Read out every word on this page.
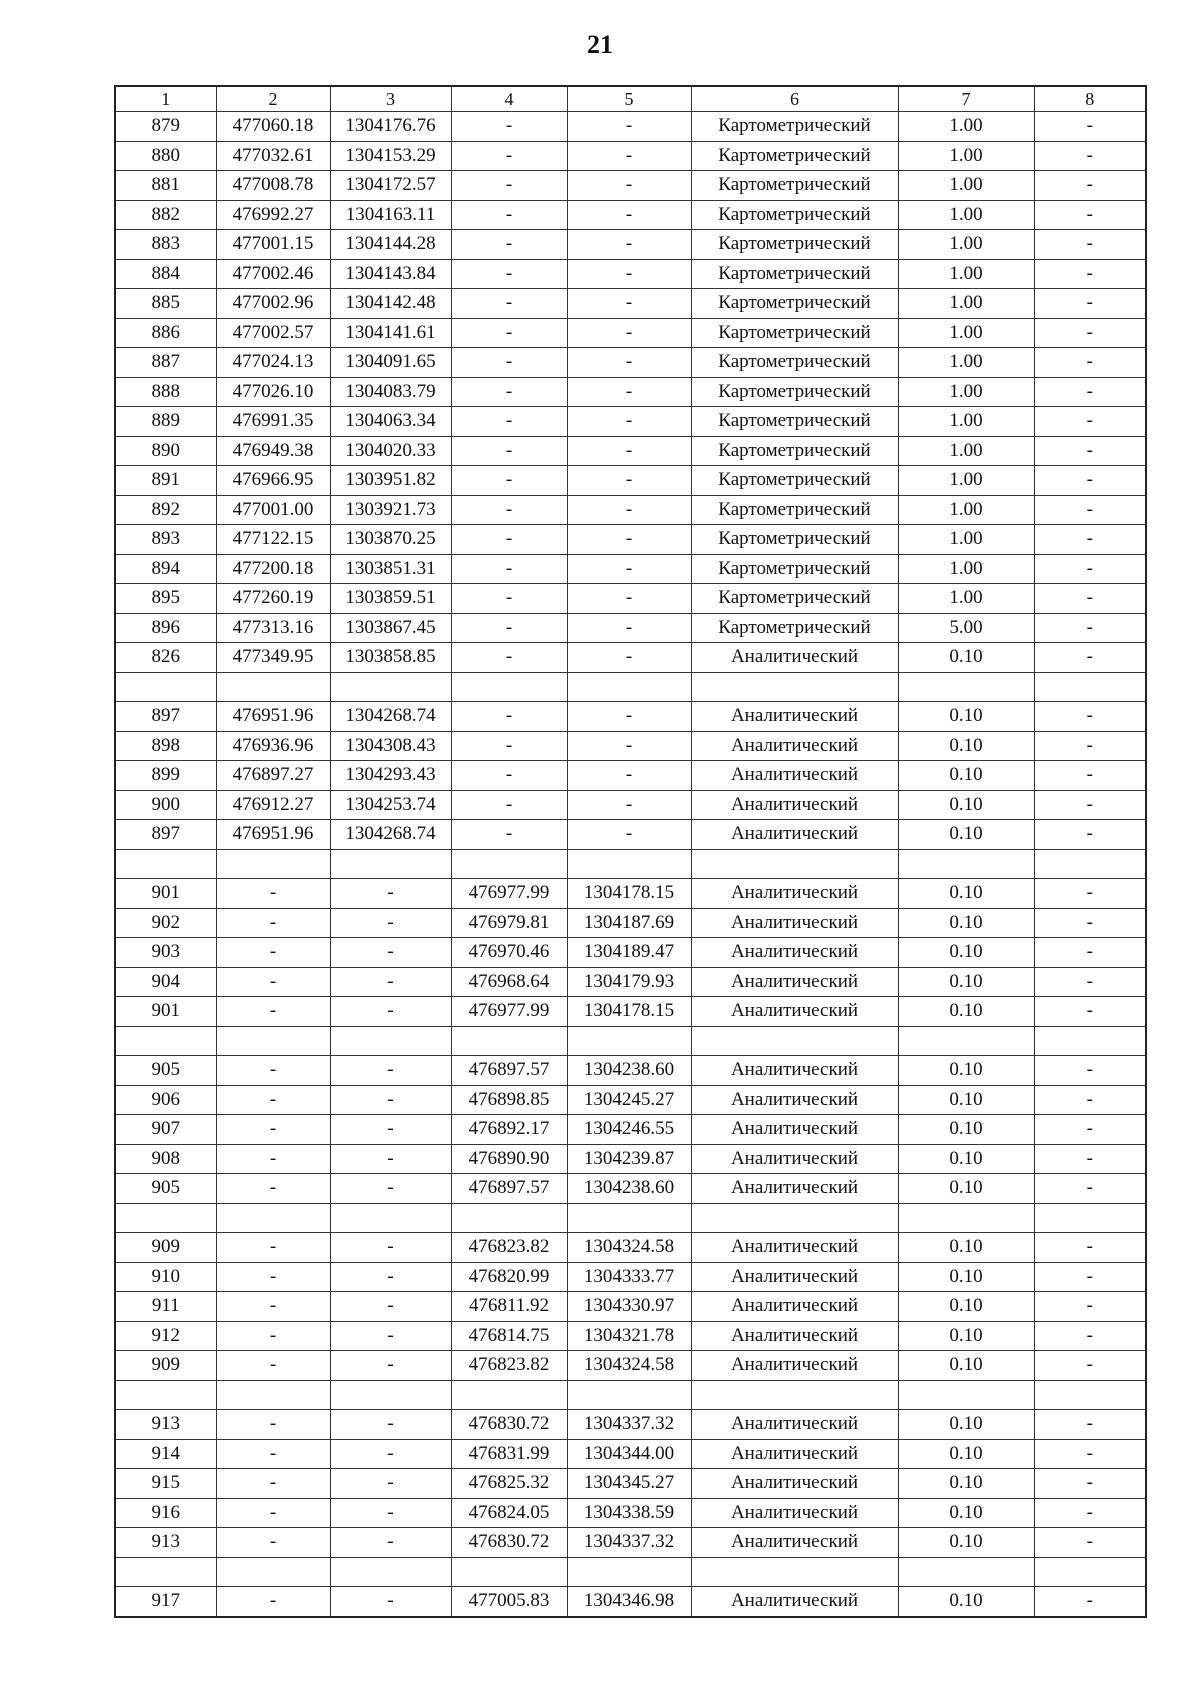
21
1	2	3	4	5	6	7	8
879	477060.18	1304176.76	-	-	Картометрический	1.00	-
880	477032.61	1304153.29	-	-	Картометрический	1.00	-
881	477008.78	1304172.57	-	-	Картометрический	1.00	-
882	476992.27	1304163.11	-	-	Картометрический	1.00	-
883	477001.15	1304144.28	-	-	Картометрический	1.00	-
884	477002.46	1304143.84	-	-	Картометрический	1.00	-
885	477002.96	1304142.48	-	-	Картометрический	1.00	-
886	477002.57	1304141.61	-	-	Картометрический	1.00	-
887	477024.13	1304091.65	-	-	Картометрический	1.00	-
888	477026.10	1304083.79	-	-	Картометрический	1.00	-
889	476991.35	1304063.34	-	-	Картометрический	1.00	-
890	476949.38	1304020.33	-	-	Картометрический	1.00	-
891	476966.95	1303951.82	-	-	Картометрический	1.00	-
892	477001.00	1303921.73	-	-	Картометрический	1.00	-
893	477122.15	1303870.25	-	-	Картометрический	1.00	-
894	477200.18	1303851.31	-	-	Картометрический	1.00	-
895	477260.19	1303859.51	-	-	Картометрический	1.00	-
896	477313.16	1303867.45	-	-	Картометрический	5.00	-
826	477349.95	1303858.85	-	-	Аналитический	0.10	-

897	476951.96	1304268.74	-	-	Аналитический	0.10	-
898	476936.96	1304308.43	-	-	Аналитический	0.10	-
899	476897.27	1304293.43	-	-	Аналитический	0.10	-
900	476912.27	1304253.74	-	-	Аналитический	0.10	-
897	476951.96	1304268.74	-	-	Аналитический	0.10	-

901	-	-	476977.99	1304178.15	Аналитический	0.10	-
902	-	-	476979.81	1304187.69	Аналитический	0.10	-
903	-	-	476970.46	1304189.47	Аналитический	0.10	-
904	-	-	476968.64	1304179.93	Аналитический	0.10	-
901	-	-	476977.99	1304178.15	Аналитический	0.10	-

905	-	-	476897.57	1304238.60	Аналитический	0.10	-
906	-	-	476898.85	1304245.27	Аналитический	0.10	-
907	-	-	476892.17	1304246.55	Аналитический	0.10	-
908	-	-	476890.90	1304239.87	Аналитический	0.10	-
905	-	-	476897.57	1304238.60	Аналитический	0.10	-

909	-	-	476823.82	1304324.58	Аналитический	0.10	-
910	-	-	476820.99	1304333.77	Аналитический	0.10	-
911	-	-	476811.92	1304330.97	Аналитический	0.10	-
912	-	-	476814.75	1304321.78	Аналитический	0.10	-
909	-	-	476823.82	1304324.58	Аналитический	0.10	-

913	-	-	476830.72	1304337.32	Аналитический	0.10	-
914	-	-	476831.99	1304344.00	Аналитический	0.10	-
915	-	-	476825.32	1304345.27	Аналитический	0.10	-
916	-	-	476824.05	1304338.59	Аналитический	0.10	-
913	-	-	476830.72	1304337.32	Аналитический	0.10	-

917	-	-	477005.83	1304346.98	Аналитический	0.10	-
